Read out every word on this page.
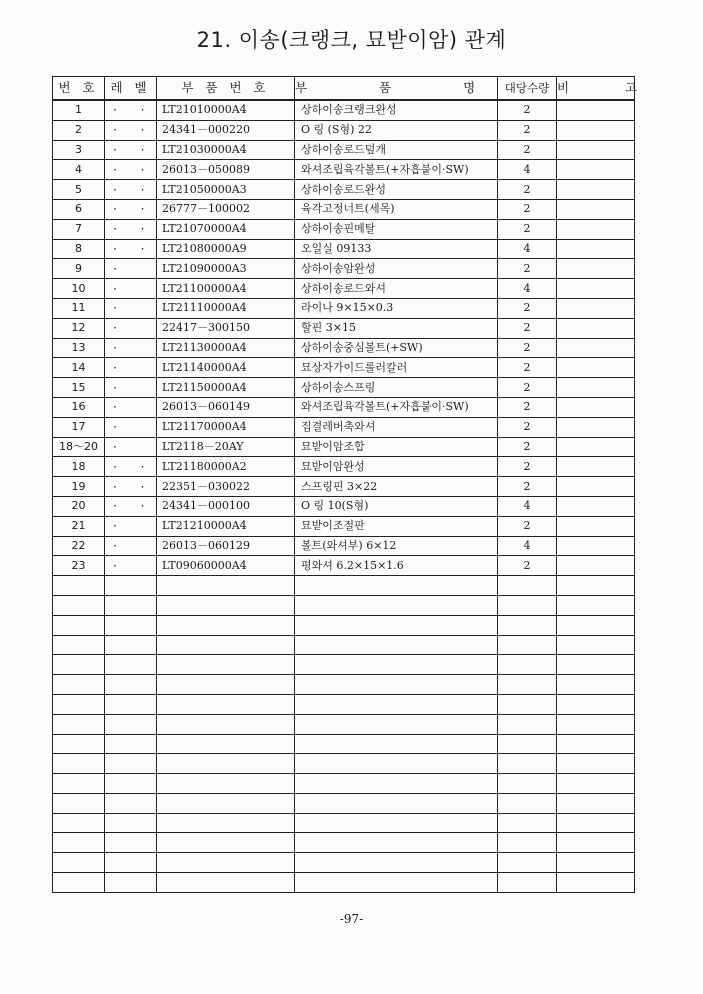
21. 이송(크랭크, 묘받이암) 관계
번 호	레 벨	부 품 번 호	부 품 명	대당수량	비 고
1	· ·	LT21010000A4	상하이송크랭크완성	2	
2	· ·	24341－000220	O 링 (S형) 22	2	
3	· ·	LT21030000A4	상하이송로드덮개	2	
4	· ·	26013－050089	와셔조립육각볼트(+자흡붙이·SW)	4	
5	· ·	LT21050000A3	상하이송로드완성	2	
6	· ·	26777－100002	육각고정너트(세목)	2	
7	· ·	LT21070000A4	상하이송핀메탈	2	
8	· ·	LT21080000A9	오일실 09133	4	
9	·	LT21090000A3	상하이송암완성	2	
10	·	LT21100000A4	상하이송로드와셔	4	
11	·	LT21110000A4	라이나 9×15×0.3	2	
12	·	22417－300150	할핀 3×15	2	
13	·	LT21130000A4	상하이송중심볼트(+SW)	2	
14	·	LT21140000A4	묘상자가이드롤러칼러	2	
15	·	LT21150000A4	상하이송스프링	2	
16	·	26013－060149	와셔조립육각볼트(+자흡붙이·SW)	2	
17	·	LT21170000A4	집결레버축와셔	2	
18～20	·	LT2118－20AY	묘받이암조합	2	
18	· ·	LT21180000A2	묘받이암완성	2	
19	· ·	22351－030022	스프링핀 3×22	2	
20	· ·	24341－000100	O 링 10(S형)	4	
21	·	LT21210000A4	묘받이조절판	2	
22	·	26013－060129	볼트(와셔부) 6×12	4	
23	·	LT09060000A4	평와셔 6.2×15×1.6	2	

-97-
